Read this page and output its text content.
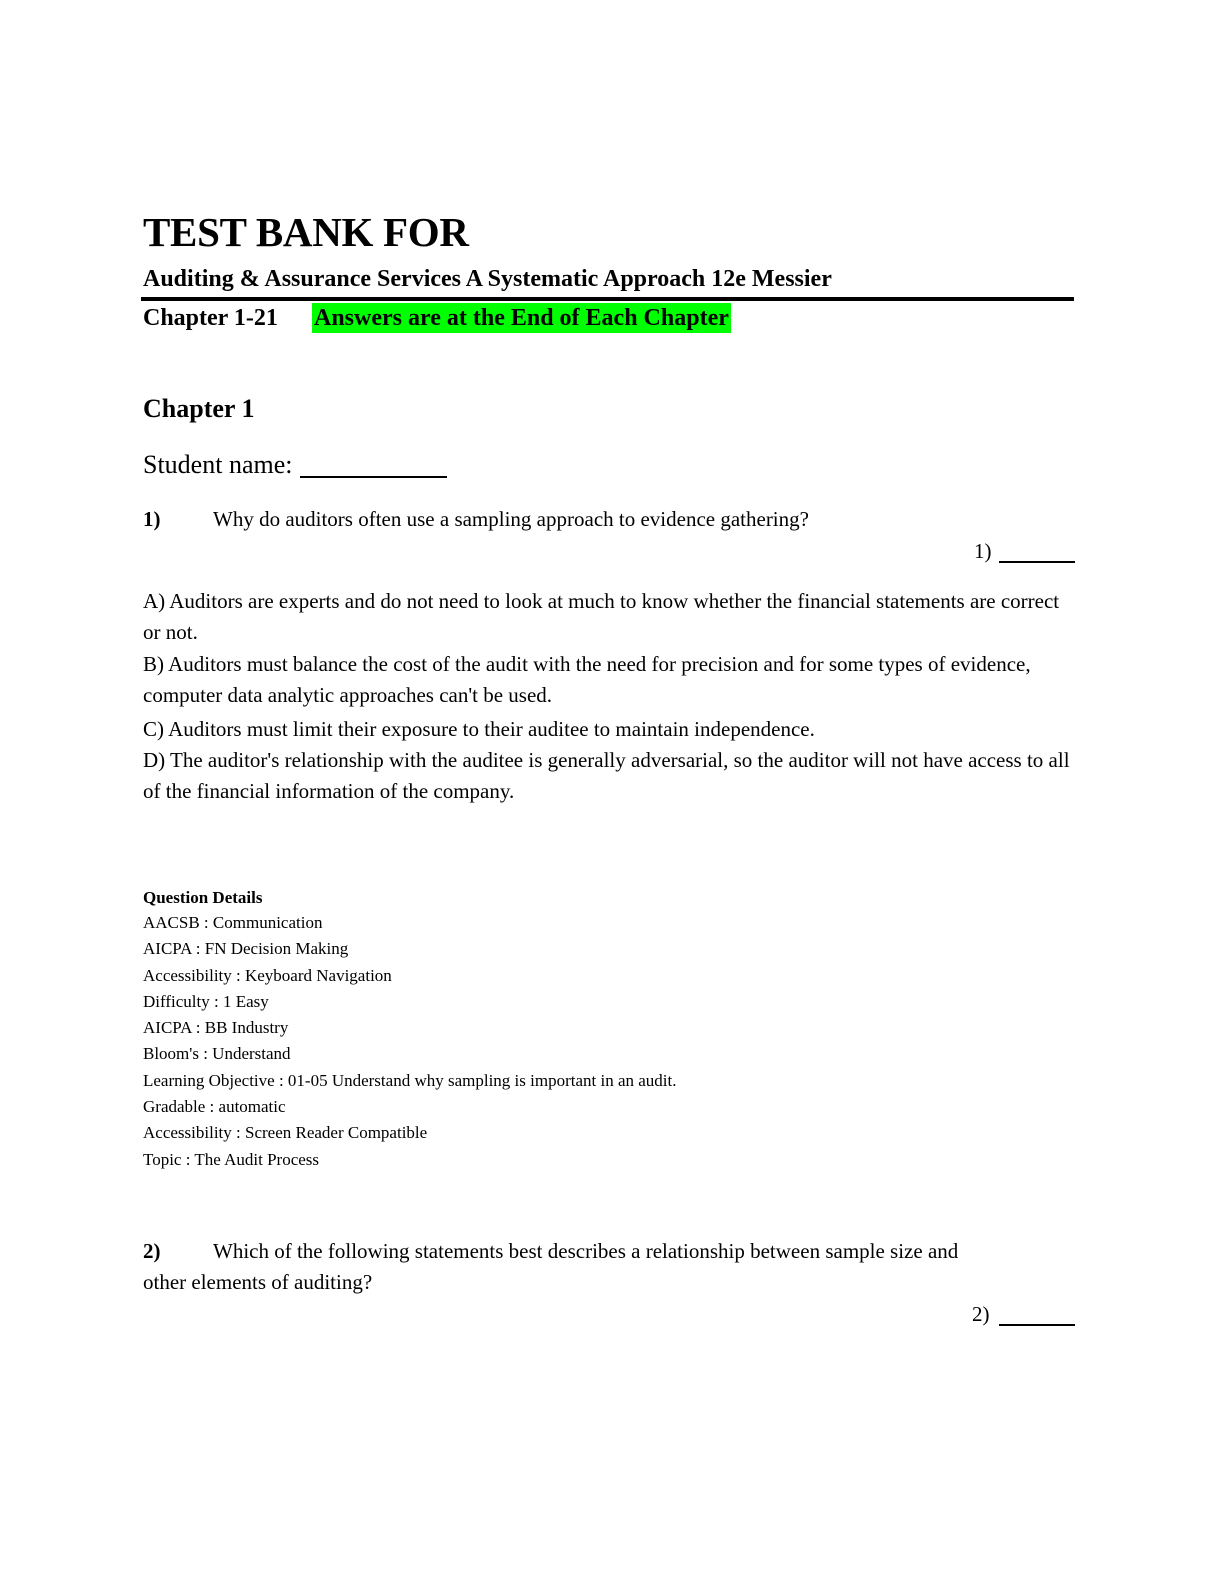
TEST BANK FOR
Auditing & Assurance Services A Systematic Approach 12e Messier
Chapter 1-21 Answers are at the End of Each Chapter
Chapter 1
Student name:
1)	Why do auditors often use a sampling approach to evidence gathering?
1)
A) Auditors are experts and do not need to look at much to know whether the financial statements are correct or not.
B) Auditors must balance the cost of the audit with the need for precision and for some types of evidence, computer data analytic approaches can't be used.
C) Auditors must limit their exposure to their auditee to maintain independence.
D) The auditor's relationship with the auditee is generally adversarial, so the auditor will not have access to all of the financial information of the company.
Question Details
AACSB : Communication
AICPA : FN Decision Making
Accessibility : Keyboard Navigation
Difficulty : 1 Easy
AICPA : BB Industry
Bloom's : Understand
Learning Objective : 01-05 Understand why sampling is important in an audit.
Gradable : automatic
Accessibility : Screen Reader Compatible
Topic : The Audit Process
2)	Which of the following statements best describes a relationship between sample size and
other elements of auditing?
2)
